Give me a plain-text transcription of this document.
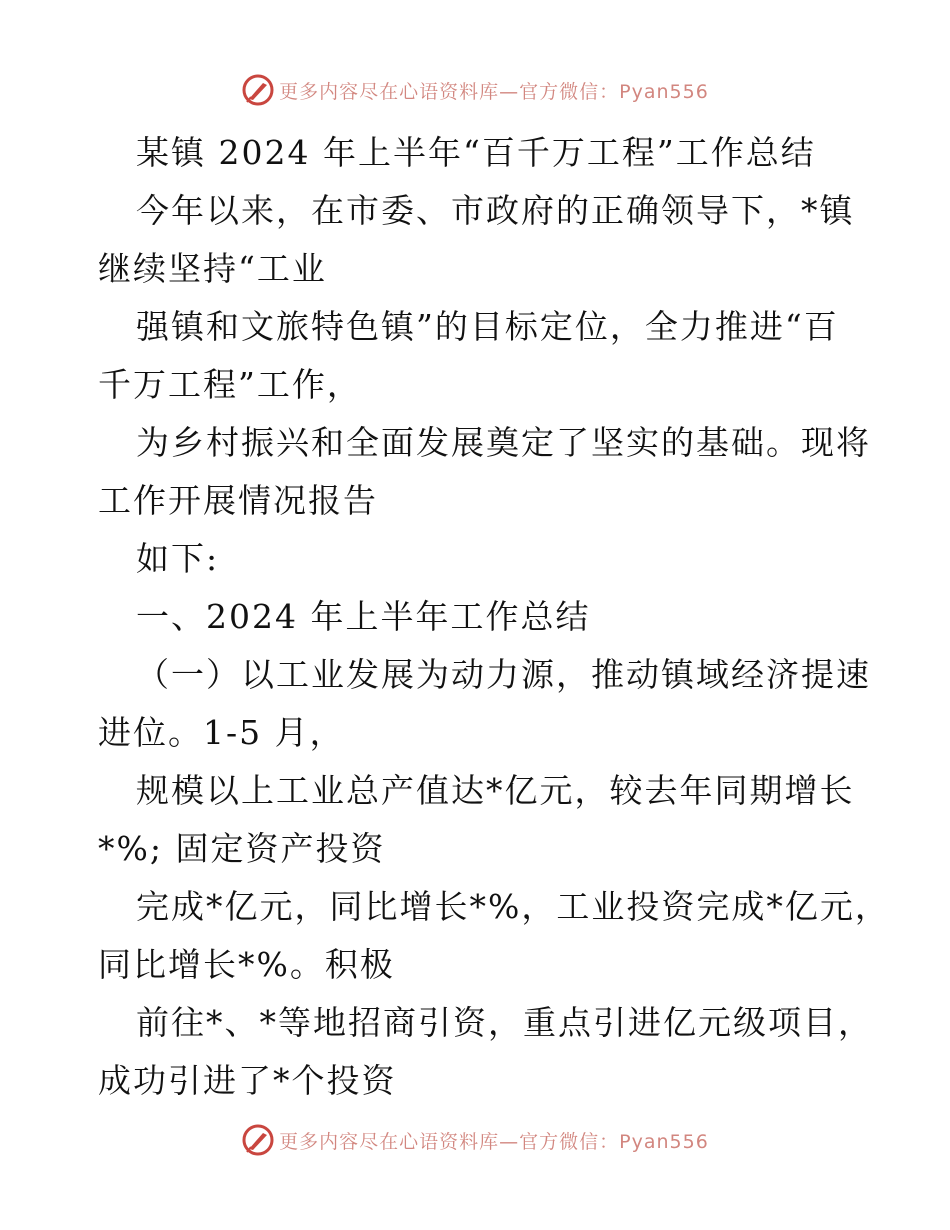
更多内容尽在心语资料库—官方微信：Pyan556
某镇 2024 年上半年“百千万工程”工作总结
今年以来，在市委、市政府的正确领导下，*镇
继续坚持“工业
强镇和文旅特色镇”的目标定位，全力推进“百
千万工程”工作，
为乡村振兴和全面发展奠定了坚实的基础。现将
工作开展情况报告
如下:
一、2024 年上半年工作总结
（一）以工业发展为动力源，推动镇域经济提速
进位。1-5 月，
规模以上工业总产值达*亿元，较去年同期增长
*%; 固定资产投资
完成*亿元，同比增长*%，工业投资完成*亿元，
同比增长*%。积极
前往*、*等地招商引资，重点引进亿元级项目，
成功引进了*个投资
更多内容尽在心语资料库—官方微信：Pyan556
